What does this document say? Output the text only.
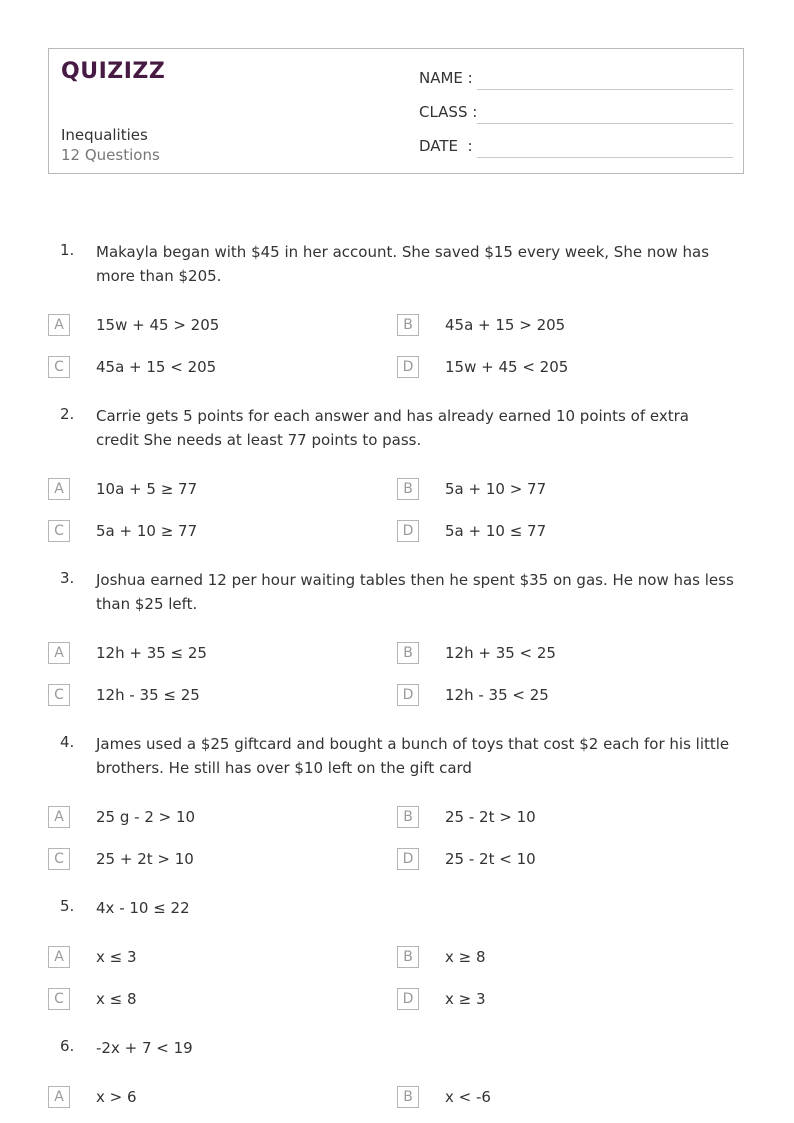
QUIZIZZ
Inequalities
12 Questions
NAME :
CLASS :
DATE  :
1. Makayla began with $45 in her account. She saved $15 every week, She now has more than $205.
A	15w + 45 > 205	B	45a + 15 > 205
C	45a + 15 < 205	D	15w + 45 < 205
2. Carrie gets 5 points for each answer and has already earned 10 points of extra credit She needs at least 77 points to pass.
A	10a + 5 ≥ 77	B	5a + 10 > 77
C	5a + 10 ≥ 77	D	5a + 10 ≤ 77
3. Joshua earned 12 per hour waiting tables then he spent $35 on gas. He now has less than $25 left.
A	12h + 35 ≤ 25	B	12h + 35 < 25
C	12h - 35 ≤ 25	D	12h - 35 < 25
4. James used a $25 giftcard and bought a bunch of toys that cost $2 each for his little brothers. He still has over $10 left on the gift card
A	25 g - 2 > 10	B	25 - 2t > 10
C	25 + 2t > 10	D	25 - 2t < 10
5. 4x - 10 ≤ 22
A	x ≤ 3	B	x ≥ 8
C	x ≤ 8	D	x ≥ 3
6. -2x + 7 < 19
A	x > 6	B	x < -6
